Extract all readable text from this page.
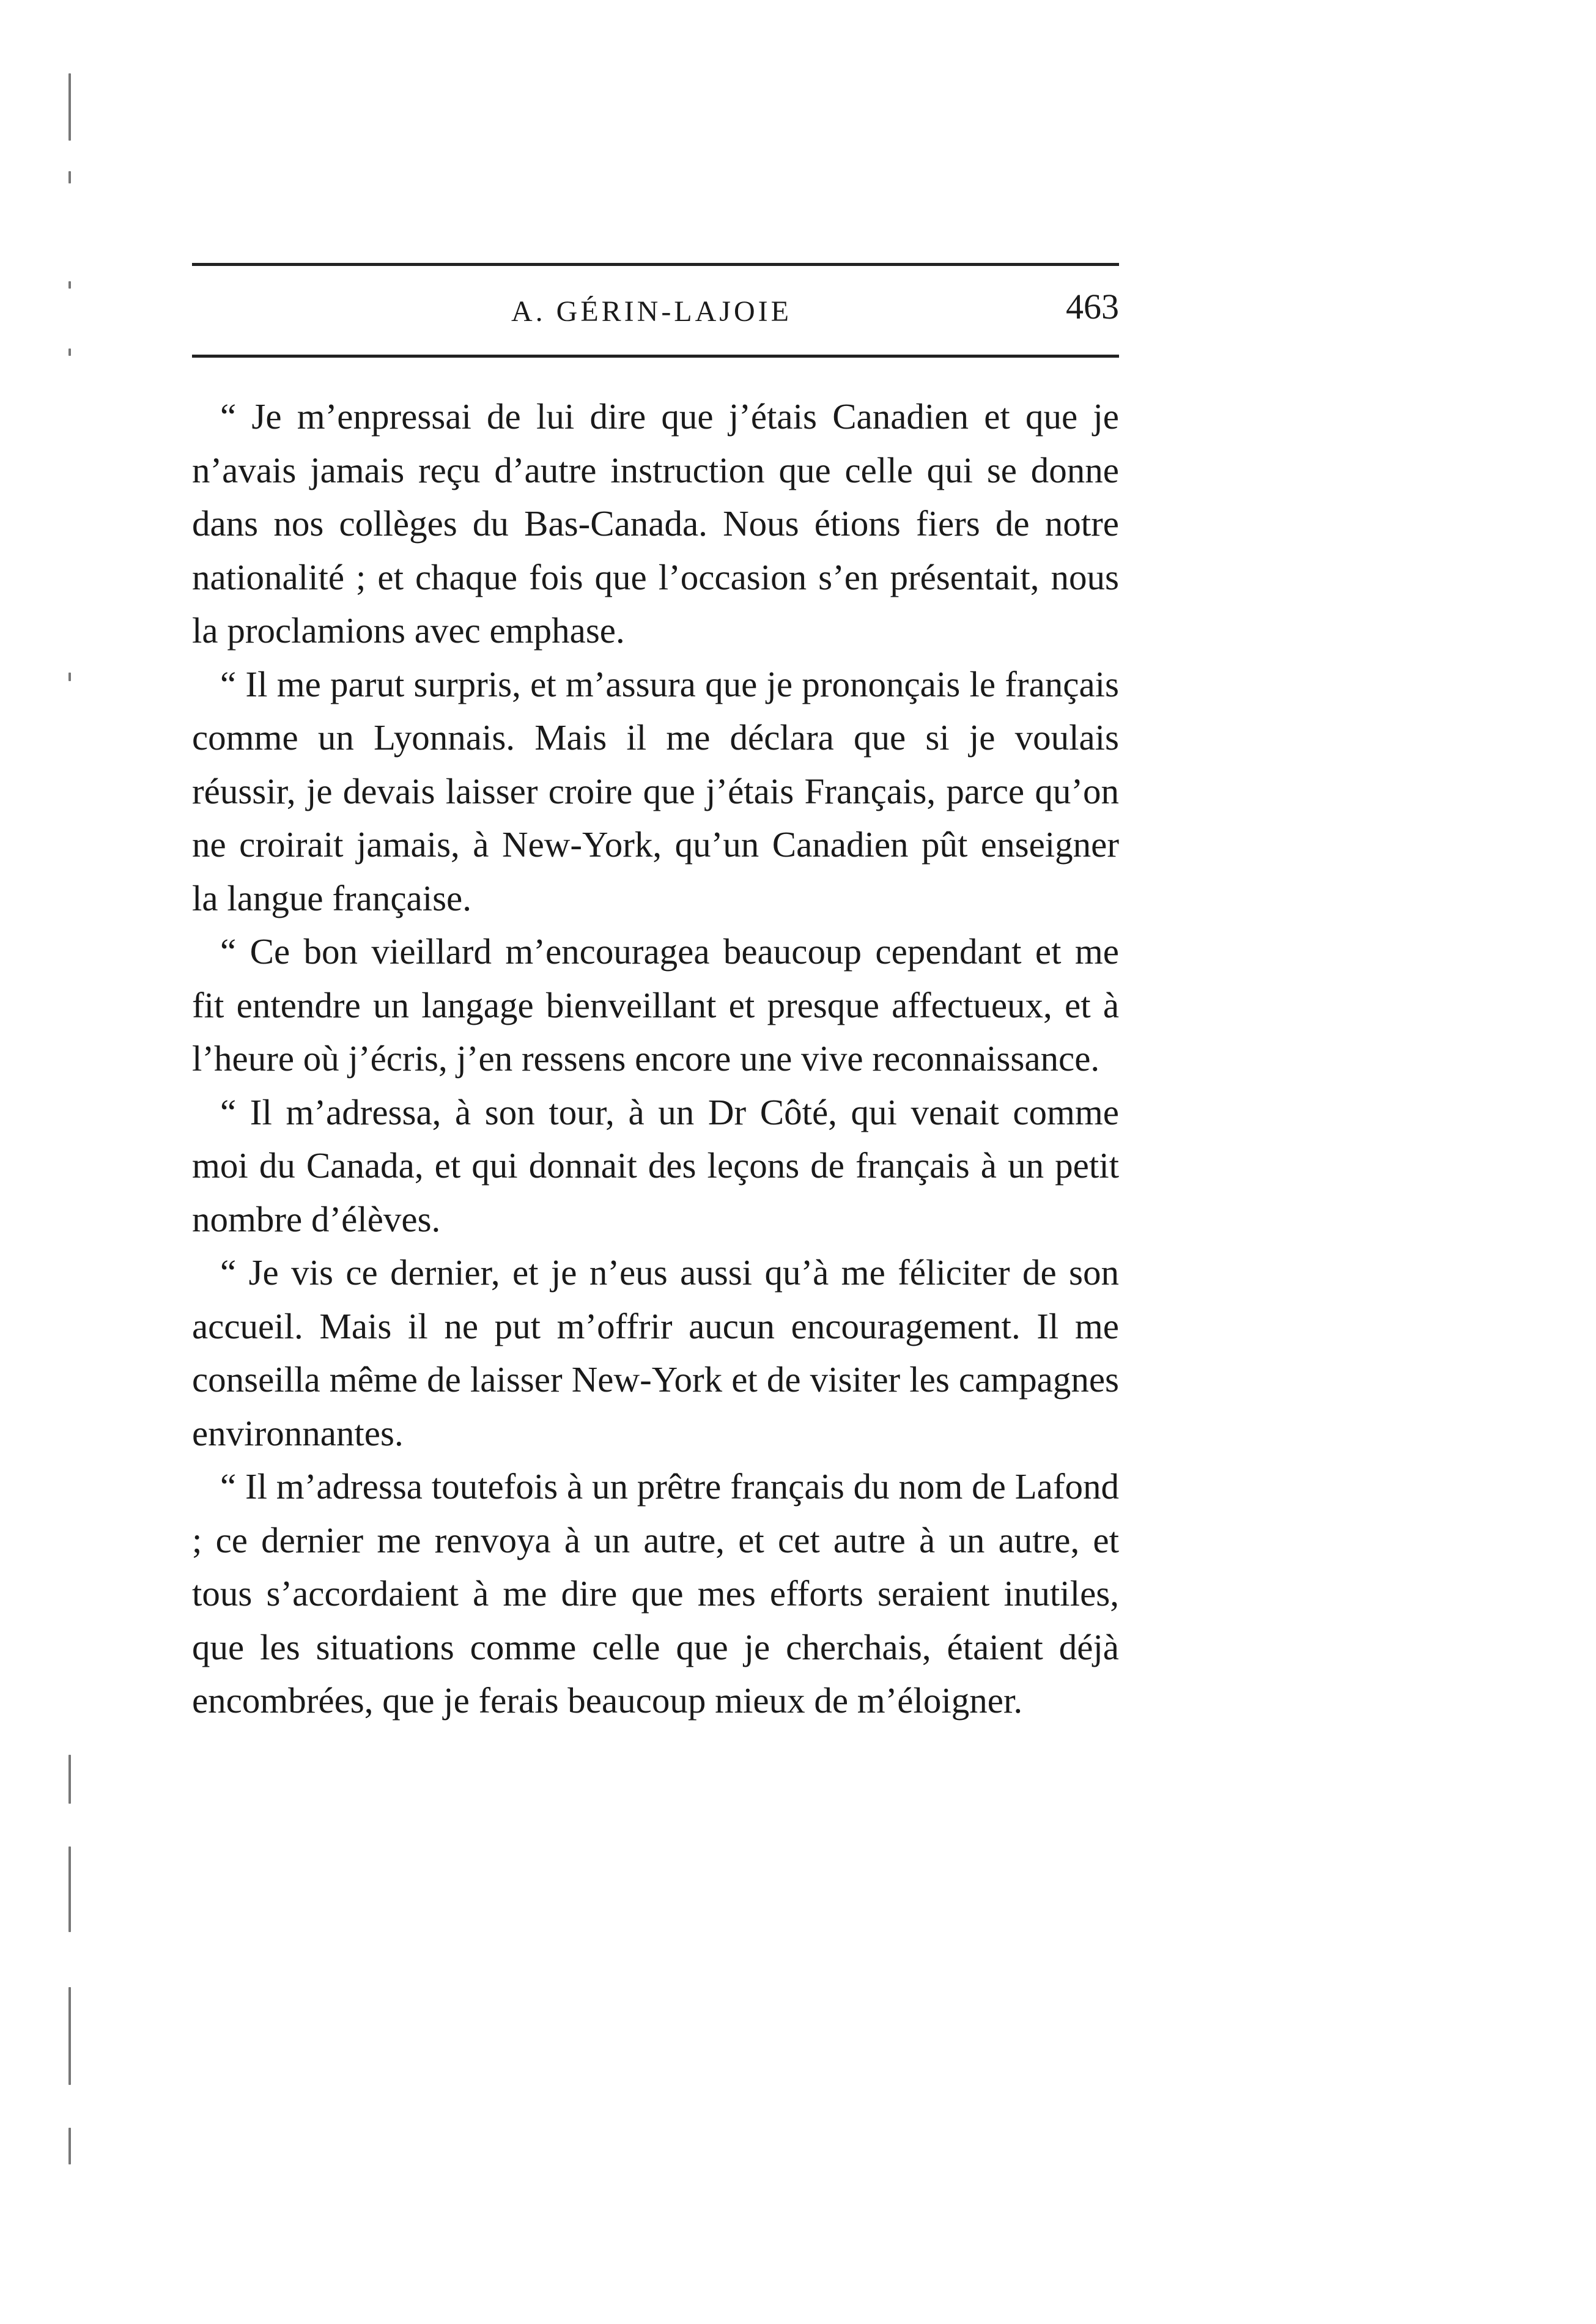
A. GÉRIN-LAJOIE	463

“ Je m’enpressai de lui dire que j’étais Canadien et que je n’avais jamais reçu d’autre instruction que celle qui se donne dans nos collèges du Bas-Canada. Nous étions fiers de notre nationalité ; et chaque fois que l’occasion s’en présentait, nous la proclamions avec emphase.

“ Il me parut surpris, et m’assura que je prononçais le français comme un Lyonnais. Mais il me déclara que si je voulais réussir, je devais laisser croire que j’étais Français, parce qu’on ne croirait jamais, à New-York, qu’un Canadien pût enseigner la langue française.

“ Ce bon vieillard m’encouragea beaucoup cependant et me fit entendre un langage bienveillant et presque affectueux, et à l’heure où j’écris, j’en ressens encore une vive reconnaissance.

“ Il m’adressa, à son tour, à un Dr Côté, qui venait comme moi du Canada, et qui donnait des leçons de français à un petit nombre d’élèves.

“ Je vis ce dernier, et je n’eus aussi qu’à me féliciter de son accueil. Mais il ne put m’offrir aucun encouragement. Il me conseilla même de laisser New-York et de visiter les campagnes environnantes.

“ Il m’adressa toutefois à un prêtre français du nom de Lafond ; ce dernier me renvoya à un autre, et cet autre à un autre, et tous s’accordaient à me dire que mes efforts seraient inutiles, que les situations comme celle que je cherchais, étaient déjà encombrées, que je ferais beaucoup mieux de m’éloigner.
